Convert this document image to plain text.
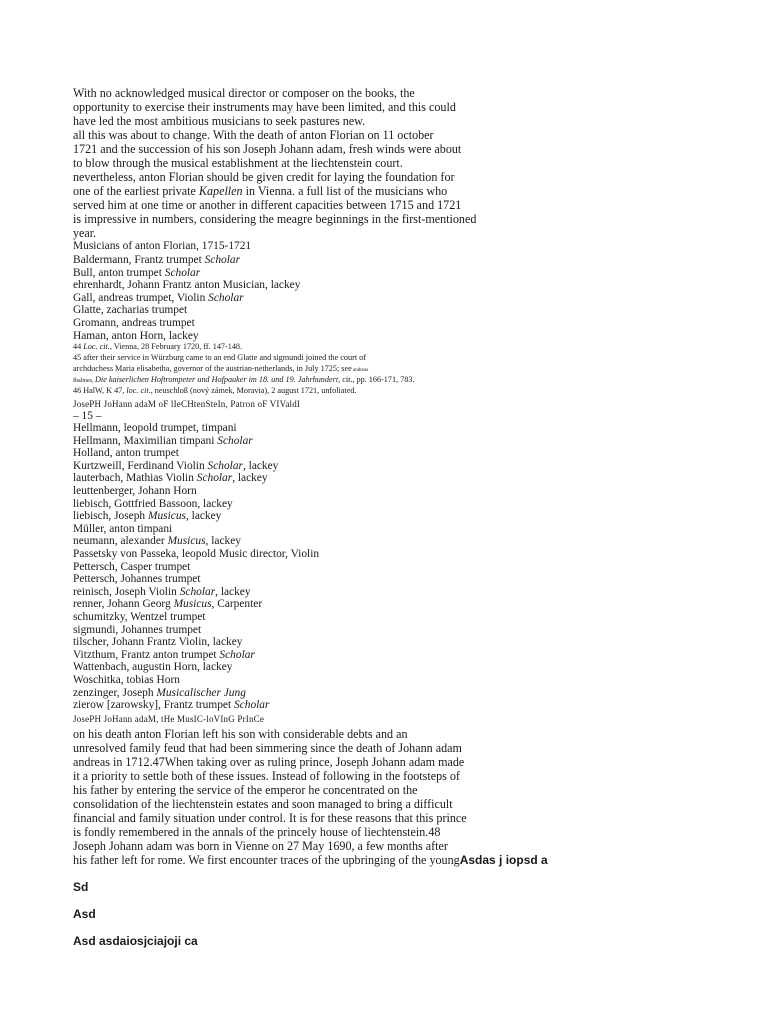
With no acknowledged musical director or composer on the books, the

opportunity to exercise their instruments may have been limited, and this could

have led the most ambitious musicians to seek pastures new.

all this was about to change. With the death of anton Florian on 11 october

1721 and the succession of his son Joseph Johann adam, fresh winds were about

to blow through the musical establishment at the liechtenstein court.

nevertheless, anton Florian should be given credit for laying the foundation for

one of the earliest private Kapellen in Vienna. a full list of the musicians who

served him at one time or another in different capacities between 1715 and 1721

is impressive in numbers, considering the meagre beginnings in the first-mentioned

year.

Musicians of anton Florian, 1715-1721

Baldermann, Frantz trumpet Scholar

Bull, anton trumpet Scholar

ehrenhardt, Johann Frantz anton Musician, lackey

Gall, andreas trumpet, Violin Scholar

Glatte, zacharias trumpet

Gromann, andreas trumpet

Haman, anton Horn, lackey

44 Loc. cit., Vienna, 28 February 1720, ff. 147-148.

45 after their service in Würzburg came to an end Glatte and sigmundi joined the court of

archduchess Maria elisabetha, governor of the austrian-netherlands, in July 1725; see andreas

Ibalmes, Die kaiserlichen Hoftrompeter und Hofpauker im 18. und 19. Jahrhundert, cit., pp. 166-171, 783.

46 HalW, K 47, loc. cit., neuschloß (nový zámek, Moravia), 2 august 1721, unfoliated.

JosePH JoHann adaM oF lIeCHtenSteIn, Patron oF VIValdI

– 15 –

Hellmann, leopold trumpet, timpani

Hellmann, Maximilian timpani Scholar

Holland, anton trumpet

Kurtzweill, Ferdinand Violin Scholar, lackey

lauterbach, Mathias Violin Scholar, lackey

leuttenberger, Johann Horn

liebisch, Gottfried Bassoon, lackey

liebisch, Joseph Musicus, lackey

Müller, anton timpani

neumann, alexander Musicus, lackey

Passetsky von Passeka, leopold Music director, Violin

Pettersch, Casper trumpet

Pettersch, Johannes trumpet

reinisch, Joseph Violin Scholar, lackey

renner, Johann Georg Musicus, Carpenter

schumitzky, Wentzel trumpet

sigmundi, Johannes trumpet

tilscher, Johann Frantz Violin, lackey

Vitzthum, Frantz anton trumpet Scholar

Wattenbach, augustin Horn, lackey

Woschitka, tobias Horn

zenzinger, Joseph Musicalischer Jung

zierow [zarowsky], Frantz trumpet Scholar

JosePH JoHann adaM, tHe MusIC-loVInG PrInCe

on his death anton Florian left his son with considerable debts and an

unresolved family feud that had been simmering since the death of Johann adam

andreas in 1712.47When taking over as ruling prince, Joseph Johann adam made

it a priority to settle both of these issues. Instead of following in the footsteps of

his father by entering the service of the emperor he concentrated on the

consolidation of the liechtenstein estates and soon managed to bring a difficult

financial and family situation under control. It is for these reasons that this prince

is fondly remembered in the annals of the princely house of liechtenstein.48

Joseph Johann adam was born in Vienne on 27 May 1690, a few months after

his father left for rome. We first encounter traces of the upbringing of the youngAsdas j iopsd a

Sd

Asd

Asd asdaiosjciajoji ca
